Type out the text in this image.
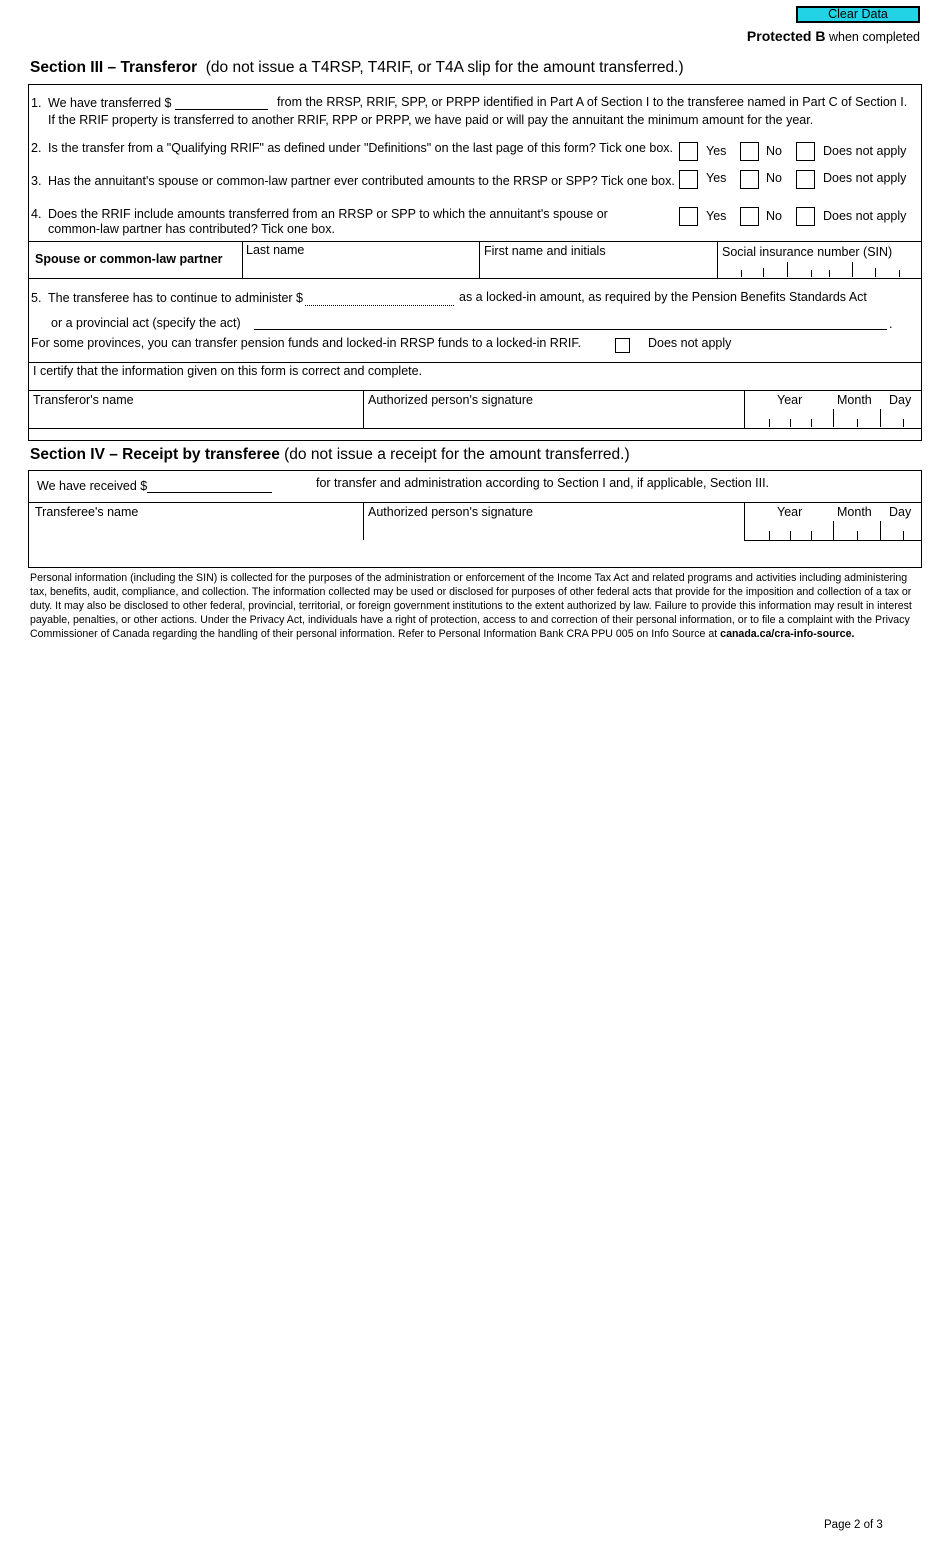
Clear Data
Protected B when completed
Section III – Transferor (do not issue a T4RSP, T4RIF, or T4A slip for the amount transferred.)
1. We have transferred $	from the RRSP, RRIF, SPP, or PRPP identified in Part A of Section I to the transferee named in Part C of Section I.
If the RRIF property is transferred to another RRIF, RPP or PRPP, we have paid or will pay the annuitant the minimum amount for the year.
2. Is the transfer from a "Qualifying RRIF" as defined under "Definitions" on the last page of this form? Tick one box.	Yes	No	Does not apply
3. Has the annuitant's spouse or common-law partner ever contributed amounts to the RRSP or SPP? Tick one box. Yes	No	Does not apply
4. Does the RRIF include amounts transferred from an RRSP or SPP to which the annuitant's spouse or
common-law partner has contributed? Tick one box.
Yes	No	Does not apply
Spouse or common-law partner
Last name	First name and initials	Social insurance number (SIN)
5. The transferee has to continue to administer $	as a locked-in amount, as required by the Pension Benefits Standards Act
or a provincial act (specify the act)	.
For some provinces, you can transfer pension funds and locked-in RRSP funds to a locked-in RRIF.	Does not apply
I certify that the information given on this form is correct and complete.
Transferor's name	Authorized person's signature	Year	Month Day
Section IV – Receipt by transferee (do not issue a receipt for the amount transferred.)
We have received $	for transfer and administration according to Section I and, if applicable, Section III.
Transferee's name	Authorized person's signature	Year	Month Day
Personal information (including the SIN) is collected for the purposes of the administration or enforcement of the Income Tax Act and related programs and activities including administering tax, benefits, audit, compliance, and collection. The information collected may be used or disclosed for purposes of other federal acts that provide for the imposition and collection of a tax or duty. It may also be disclosed to other federal, provincial, territorial, or foreign government institutions to the extent authorized by law. Failure to provide this information may result in interest payable, penalties, or other actions. Under the Privacy Act, individuals have a right of protection, access to and correction of their personal information, or to file a complaint with the Privacy Commissioner of Canada regarding the handling of their personal information. Refer to Personal Information Bank CRA PPU 005 on Info Source at canada.ca/cra-info-source.
Page 2 of 3
